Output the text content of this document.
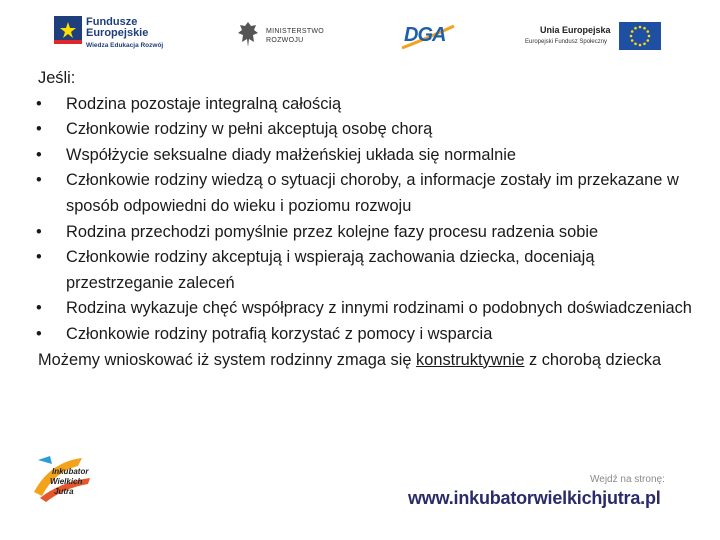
Fundusze
Europejskie
Wiedza Edukacja Rozwój
MINISTERSTWO
ROZWOJU	DGA	Unia Europejska
Europejski Fundusz Społeczny

Jeśli:

• Rodzina pozostaje integralną całością
• Członkowie rodziny w pełni akceptują osobę chorą
• Współżycie seksualne diady małżeńskiej układa się normalnie
• Członkowie rodziny wiedzą o sytuacji choroby, a informacje zostały im przekazane w sposób odpowiedni do wieku i poziomu rozwoju
• Rodzina przechodzi pomyślnie przez kolejne fazy procesu radzenia sobie
• Członkowie rodziny akceptują i wspierają zachowania dziecka, doceniają przestrzeganie zaleceń
• Rodzina wykazuje chęć współpracy z innymi rodzinami o podobnych doświadczeniach
• Członkowie rodziny potrafią korzystać z pomocy i wsparcia

Możemy wnioskować iż system rodzinny zmaga się konstruktywnie z chorobą dziecka

Inkubator
Wielkich
Jutra
Wejdź na stronę:
www.inkubatorwielkichjutra.pl
